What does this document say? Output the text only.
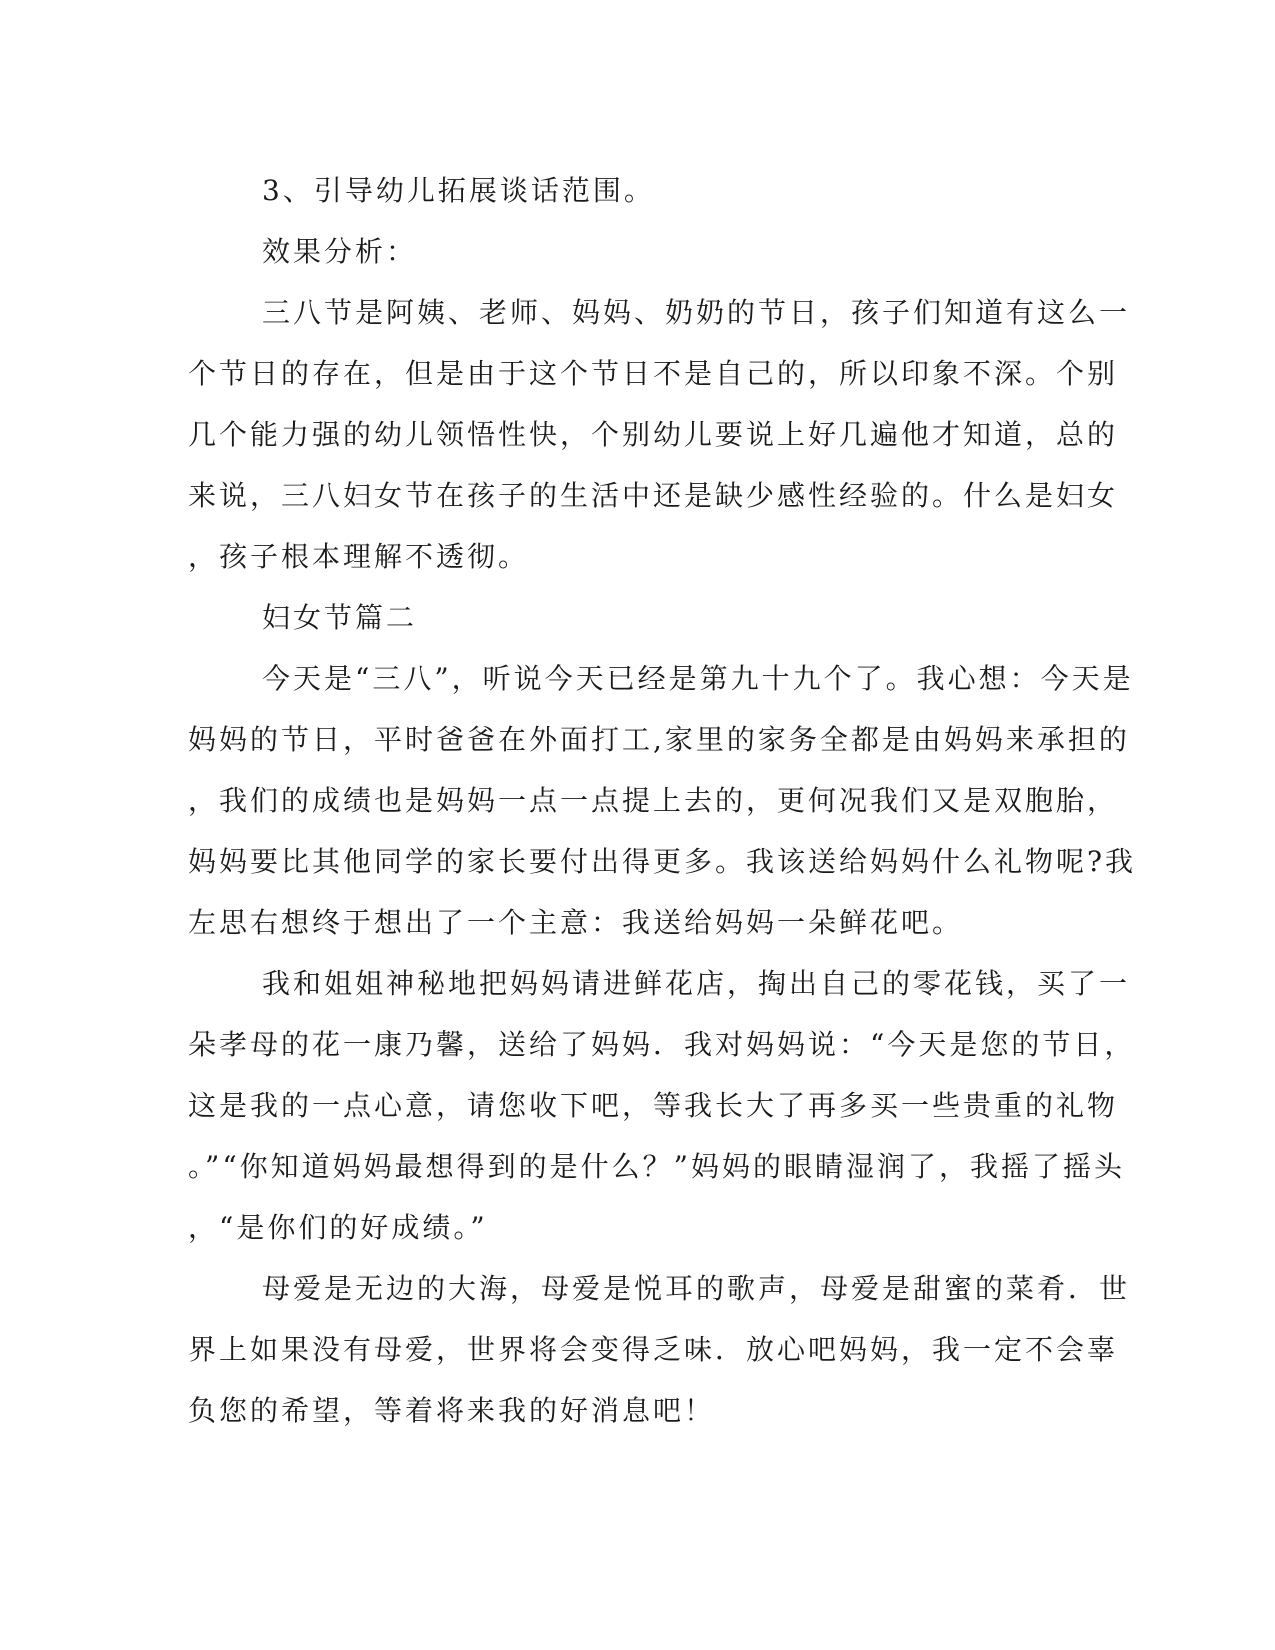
3、引导幼儿拓展谈话范围。
效果分析：
三八节是阿姨、老师、妈妈、奶奶的节日，孩子们知道有这么一
个节日的存在，但是由于这个节日不是自己的，所以印象不深。个别
几个能力强的幼儿领悟性快，个别幼儿要说上好几遍他才知道，总的
来说，三八妇女节在孩子的生活中还是缺少感性经验的。什么是妇女
，孩子根本理解不透彻。
妇女节篇二
今天是“三八”，听说今天已经是第九十九个了。我心想：今天是
妈妈的节日，平时爸爸在外面打工,家里的家务全都是由妈妈来承担的
，我们的成绩也是妈妈一点一点提上去的，更何况我们又是双胞胎，
妈妈要比其他同学的家长要付出得更多。我该送给妈妈什么礼物呢?我
左思右想终于想出了一个主意：我送给妈妈一朵鲜花吧。
我和姐姐神秘地把妈妈请进鲜花店，掏出自己的零花钱，买了一
朵孝母的花一康乃馨，送给了妈妈．我对妈妈说：“今天是您的节日，
这是我的一点心意，请您收下吧，等我长大了再多买一些贵重的礼物
。”“你知道妈妈最想得到的是什么？”妈妈的眼睛湿润了，我摇了摇头
，“是你们的好成绩。”
母爱是无边的大海，母爱是悦耳的歌声，母爱是甜蜜的菜肴．世
界上如果没有母爱，世界将会变得乏味．放心吧妈妈，我一定不会辜
负您的希望，等着将来我的好消息吧！
